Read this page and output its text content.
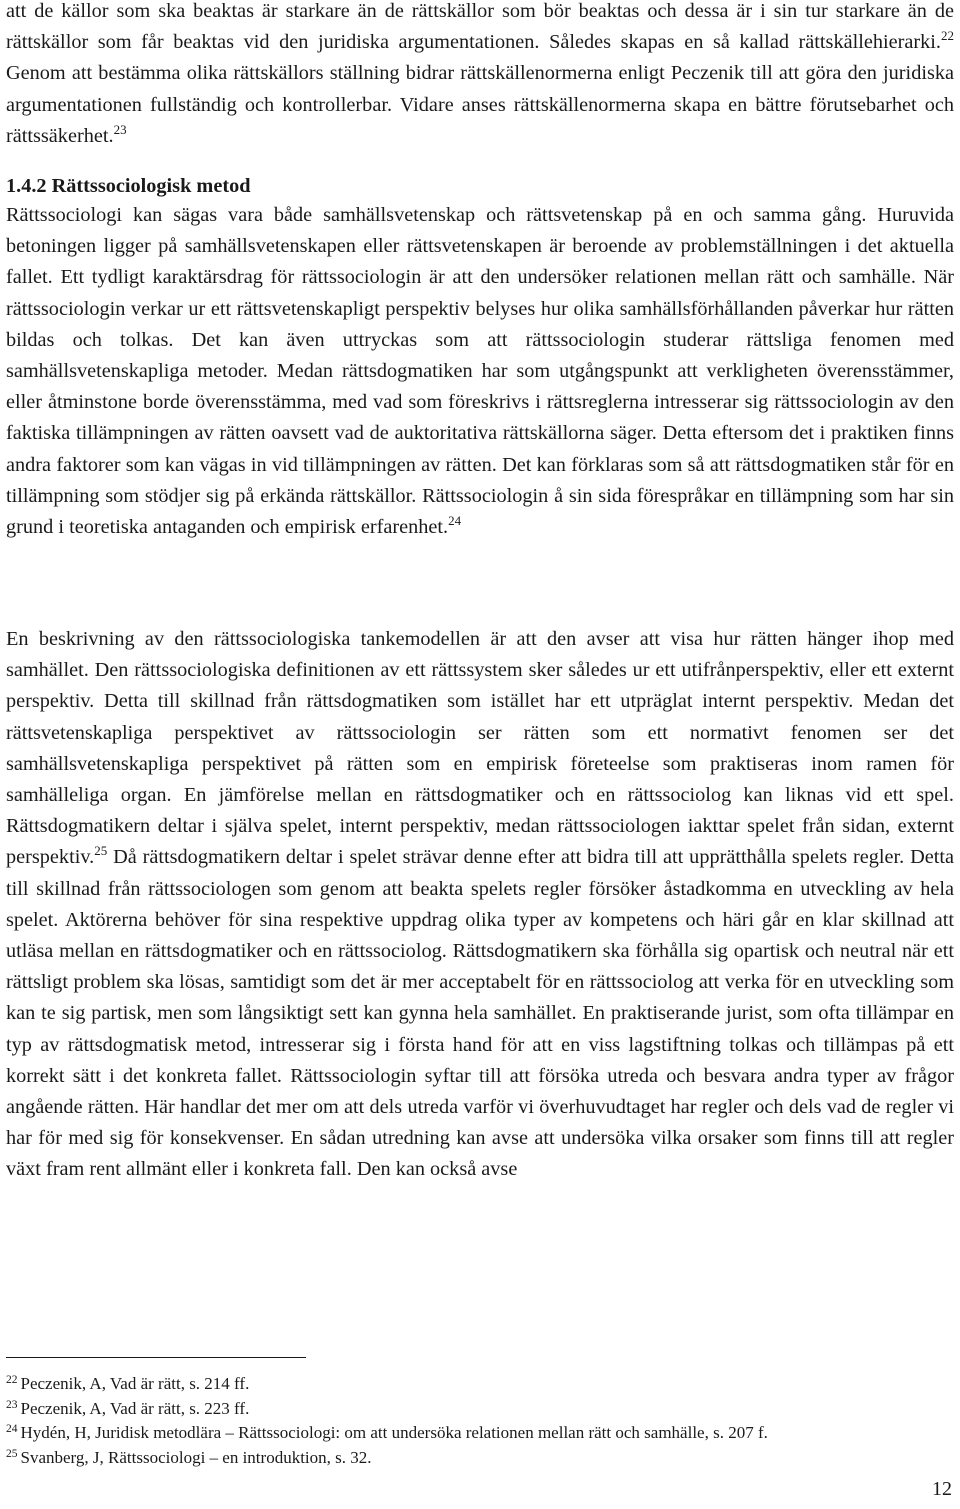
att de källor som ska beaktas är starkare än de rättskällor som bör beaktas och dessa är i sin tur starkare än de rättskällor som får beaktas vid den juridiska argumentationen. Således skapas en så kallad rättskällehierarki.$^{22}$ Genom att bestämma olika rättskällors ställning bidrar rättskällenormerna enligt Peczenik till att göra den juridiska argumentationen fullständig och kontrollerbar. Vidare anses rättskällenormerna skapa en bättre förutsebarhet och rättssäkerhet.$^{23}$

1.4.2 Rättssociologisk metod

Rättssociologi kan sägas vara både samhällsvetenskap och rättsvetenskap på en och samma gång. Huruvida betoningen ligger på samhällsvetenskapen eller rättsvetenskapen är beroende av problemställningen i det aktuella fallet. Ett tydligt karaktärsdrag för rättssociologin är att den undersöker relationen mellan rätt och samhälle. När rättssociologin verkar ur ett rättsvetenskapligt perspektiv belyses hur olika samhällsförhållanden påverkar hur rätten bildas och tolkas. Det kan även uttryckas som att rättssociologin studerar rättsliga fenomen med samhällsvetenskapliga metoder. Medan rättsdogmatiken har som utgångspunkt att verkligheten överensstämmer, eller åtminstone borde överensstämma, med vad som föreskrivs i rättsreglerna intresserar sig rättssociologin av den faktiska tillämpningen av rätten oavsett vad de auktoritativa rättskällorna säger. Detta eftersom det i praktiken finns andra faktorer som kan vägas in vid tillämpningen av rätten. Det kan förklaras som så att rättsdogmatiken står för en tillämpning som stödjer sig på erkända rättskällor. Rättssociologin å sin sida förespråkar en tillämpning som har sin grund i teoretiska antaganden och empirisk erfarenhet.$^{24}$

En beskrivning av den rättssociologiska tankemodellen är att den avser att visa hur rätten hänger ihop med samhället. Den rättssociologiska definitionen av ett rättssystem sker således ur ett utifrånperspektiv, eller ett externt perspektiv. Detta till skillnad från rättsdogmatiken som istället har ett utpräglat internt perspektiv. Medan det rättsvetenskapliga perspektivet av rättssociologin ser rätten som ett normativt fenomen ser det samhällsvetenskapliga perspektivet på rätten som en empirisk företeelse som praktiseras inom ramen för samhälleliga organ. En jämförelse mellan en rättsdogmatiker och en rättssociolog kan liknas vid ett spel. Rättsdogmatikern deltar i själva spelet, internt perspektiv, medan rättssociologen iakttar spelet från sidan, externt perspektiv.$^{25}$ Då rättsdogmatikern deltar i spelet strävar denne efter att bidra till att upprätthålla spelets regler. Detta till skillnad från rättssociologen som genom att beakta spelets regler försöker åstadkomma en utveckling av hela spelet. Aktörerna behöver för sina respektive uppdrag olika typer av kompetens och häri går en klar skillnad att utläsa mellan en rättsdogmatiker och en rättssociolog. Rättsdogmatikern ska förhålla sig opartisk och neutral när ett rättsligt problem ska lösas, samtidigt som det är mer acceptabelt för en rättssociolog att verka för en utveckling som kan te sig partisk, men som långsiktigt sett kan gynna hela samhället. En praktiserande jurist, som ofta tillämpar en typ av rättsdogmatisk metod, intresserar sig i första hand för att en viss lagstiftning tolkas och tillämpas på ett korrekt sätt i det konkreta fallet. Rättssociologin syftar till att försöka utreda och besvara andra typer av frågor angående rätten. Här handlar det mer om att dels utreda varför vi överhuvudtaget har regler och dels vad de regler vi har för med sig för konsekvenser. En sådan utredning kan avse att undersöka vilka orsaker som finns till att regler växt fram rent allmänt eller i konkreta fall. Den kan också avse

$^{22}$ Peczenik, A, Vad är rätt, s. 214 ff.
$^{23}$ Peczenik, A, Vad är rätt, s. 223 ff.
$^{24}$ Hydén, H, Juridisk metodlära – Rättssociologi: om att undersöka relationen mellan rätt och samhälle, s. 207 f.
$^{25}$ Svanberg, J, Rättssociologi – en introduktion, s. 32.
12
